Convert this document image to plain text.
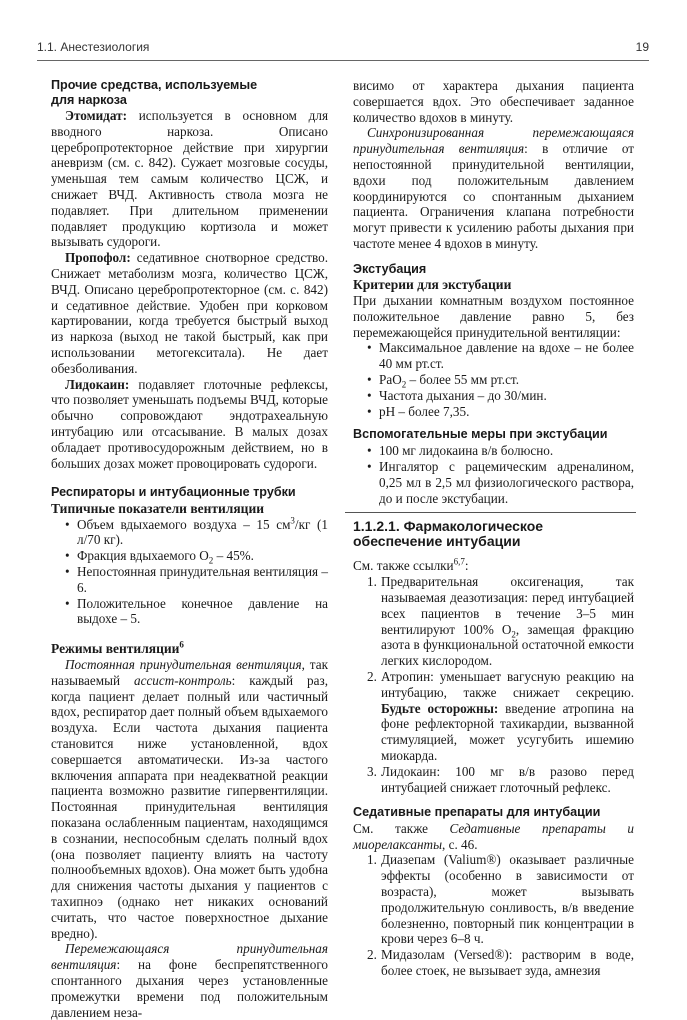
1.1. Анестезиология	19
Прочие средства, используемые
для наркоза

Этомидат: используется в основном для вводного наркоза. Описано церебропротекторное действие при хирургии аневризм (см. с. 842). Сужает мозговые сосуды, уменьшая тем самым количество ЦСЖ, и снижает ВЧД. Активность ствола мозга не подавляет. При длительном применении подавляет продукцию кортизола и может вызывать судороги.

Пропофол: седативное снотворное средство. Снижает метаболизм мозга, количество ЦСЖ, ВЧД. Описано церебропротекторное (см. с. 842) и седативное действие. Удобен при корковом картировании, когда требуется быстрый выход из наркоза (выход не такой быстрый, как при использовании метогекситала). Не дает обезболивания.

Лидокаин: подавляет глоточные рефлексы, что позволяет уменьшать подъемы ВЧД, которые обычно сопровождают эндотрахеальную интубацию или отсасывание. В малых дозах обладает противосудорожным действием, но в больших дозах может провоцировать судороги.

Респираторы и интубационные трубки
Типичные показатели вентиляции
• Объем вдыхаемого воздуха – 15 $см^3/кг$ (1 л/70 кг).
• Фракция вдыхаемого $O_2 - 45\%$.
• Непостоянная принудительная вентиляция – 6.
• Положительное конечное давление на выдохе – 5.
Режимы вентиляции$^6$

Постоянная принудительная вентиляция, так называемый ассист-контроль: каждый раз, когда пациент делает полный или частичный вдох, респиратор дает полный объем вдыхаемого воздуха. Если частота дыхания пациента становится ниже установленной, вдох совершается автоматически. Из-за частого включения аппарата при неадекватной реакции пациента возможно развитие гипервентиляции. Постоянная принудительная вентиляция показана ослабленным пациентам, находящимся в сознании, неспособным сделать полный вдох (она позволяет пациенту влиять на частоту полнообъемных вдохов). Она может быть удобна для снижения частоты дыхания у пациентов с тахипноэ (однако нет никаких оснований считать, что частое поверхностное дыхание вредно).

Перемежающаяся принудительная вентиляция: на фоне беспрепятственного спонтанного дыхания через установленные промежутки времени под положительным давлением неза-

висимо от характера дыхания пациента совершается вдох. Это обеспечивает заданное количество вдохов в минуту.

Синхронизированная перемежающаяся принудительная вентиляция: в отличие от непостоянной принудительной вентиляции, вдохи под положительным давлением координируются со спонтанным дыханием пациента. Ограничения клапана потребности могут привести к усилению работы дыхания при частоте менее 4 вдохов в минуту.

Экстубация
Критерии для экстубации

При дыхании комнатным воздухом постоянное положительное давление равно 5, без перемежающейся принудительной вентиляции:

• Максимальное давление на вдохе – не более 40 мм рт.ст.
• PaO$_2$ – более 55 мм рт.ст.
• Частота дыхания – до 30/мин.
• pH – более 7,35.
Вспомогательные меры при экстубации
• 100 мг лидокаина в/в болюсно.
• Ингалятор с рацемическим адреналином, 0,25 мл в 2,5 мл физиологического раствора, до и после экстубации.
1.1.2.1. Фармакологическое
обеспечение интубации

См. также ссылки$^{6,7}$:

1. Предварительная оксигенация, так называемая деазотизация: перед интубацией всех пациентов в течение 3–5 мин вентилируют 100% $O_2$, замещая фракцию азота в функциональной остаточной емкости легких кислородом.
2. Атропин: уменьшает вагусную реакцию на интубацию, также снижает секрецию. Будьте осторожны: введение атропина на фоне рефлекторной тахикардии, вызванной стимуляцией, может усугубить ишемию миокарда.
3. Лидокаин: 100 мг в/в разово перед интубацией снижает глоточный рефлекс.
Седативные препараты для интубации

См. также Седативные препараты и миорелаксанты, с. 46.

1. Диазепам (Valium®) оказывает различные эффекты (особенно в зависимости от возраста), может вызывать продолжительную сонливость, в/в введение болезненно, повторный пик концентрации в крови через 6–8 ч.
2. Мидазолам (Versed®): растворим в воде, более стоек, не вызывает зуда, амнезия
